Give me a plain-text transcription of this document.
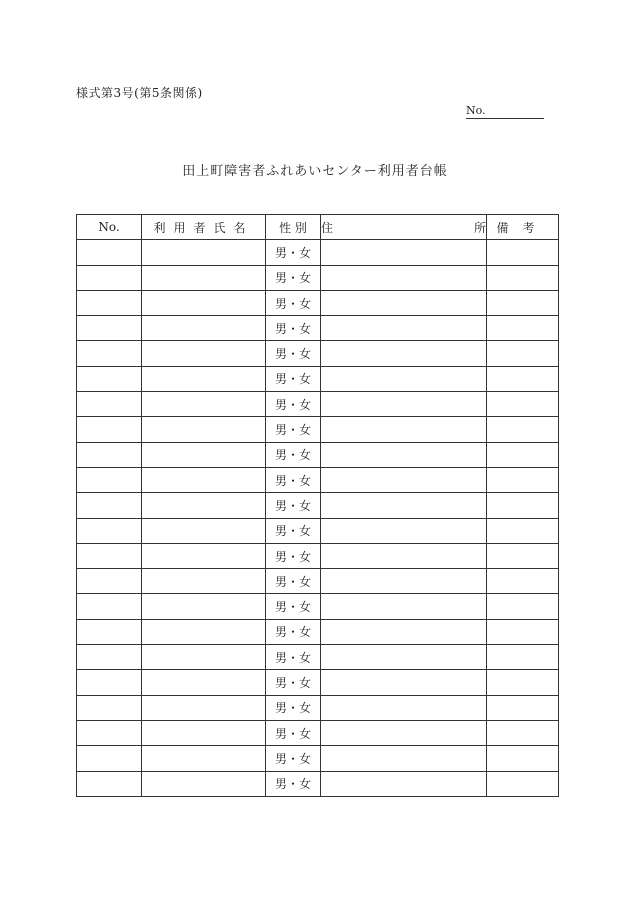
様式第3号(第5条関係)
No.
田上町障害者ふれあいセンター利用者台帳
No.	利用者氏名	性 別	住 所	備考
		男・女		
		男・女		
		男・女		
		男・女		
		男・女		
		男・女		
		男・女		
		男・女		
		男・女		
		男・女		
		男・女		
		男・女		
		男・女		
		男・女		
		男・女		
		男・女		
		男・女		
		男・女		
		男・女		
		男・女		
		男・女		
		男・女		
